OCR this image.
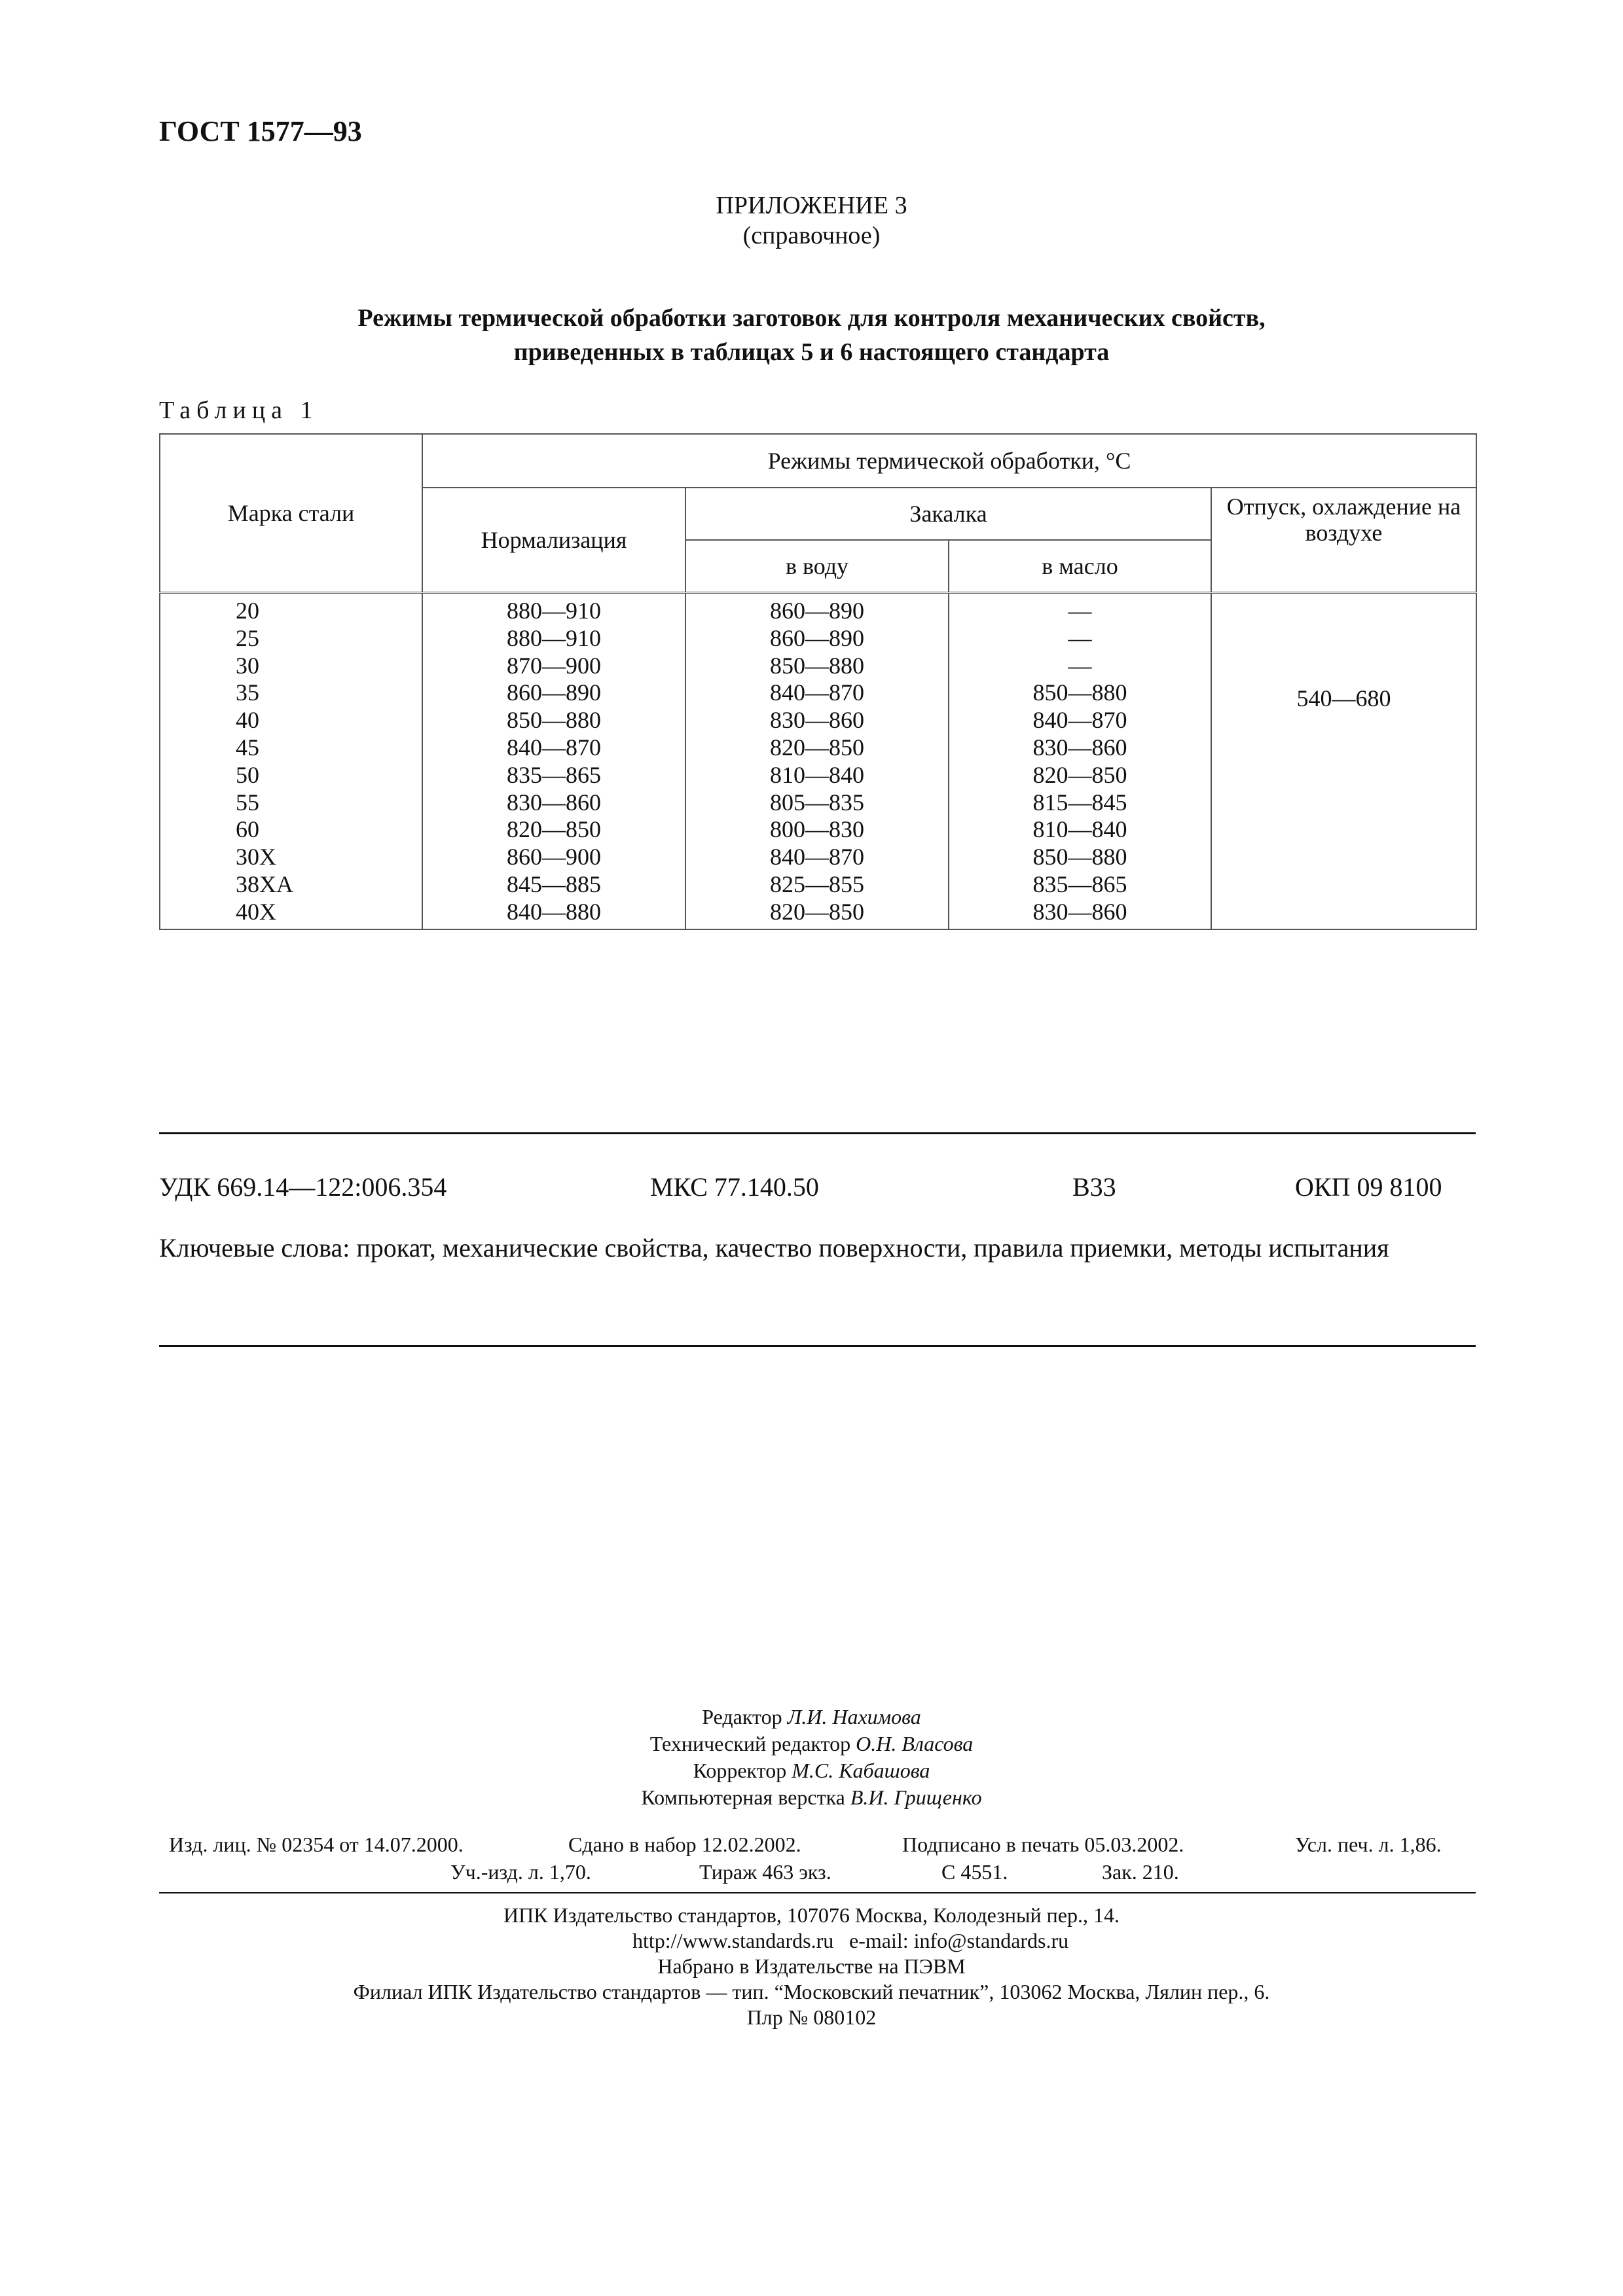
ГОСТ 1577—93
ПРИЛОЖЕНИЕ 3
(справочное)
Режимы термической обработки заготовок для контроля механических свойств,
приведенных в таблицах 5 и 6 настоящего стандарта
Таблица 1
Марка стали	Режимы термической обработки, °С			
	Нормализация	Закалка		Отпуск, охлаждение на воздухе
		в воду	в масло	
20	880—910	860—890	—	540—680
25	880—910	860—890	—	
30	870—900	850—880	—	
35	860—890	840—870	850—880	
40	850—880	830—860	840—870	
45	840—870	820—850	830—860	
50	835—865	810—840	820—850	
55	830—860	805—835	815—845	
60	820—850	800—830	810—840	
30Х	860—900	840—870	850—880	
38ХА	845—885	825—855	835—865	
40Х	840—880	820—850	830—860	
УДК 669.14—122:006.354	МКС 77.140.50	В33	ОКП 09 8100
Ключевые слова: прокат, механические свойства, качество поверхности, правила приемки, методы испытания
Редактор Л.И. Нахимова
Технический редактор О.Н. Власова
Корректор М.С. Кабашова
Компьютерная верстка В.И. Грищенко
Изд. лиц. № 02354 от 14.07.2000.	Сдано в набор 12.02.2002.	Подписано в печать 05.03.2002.	Усл. печ. л. 1,86.
Уч.-изд. л. 1,70.	Тираж 463 экз.	С 4551.	Зак. 210.
ИПК Издательство стандартов, 107076 Москва, Колодезный пер., 14.
http://www.standards.ru e-mail: info@standards.ru
Набрано в Издательстве на ПЭВМ
Филиал ИПК Издательство стандартов — тип. “Московский печатник”, 103062 Москва, Лялин пер., 6.
Плр № 080102
